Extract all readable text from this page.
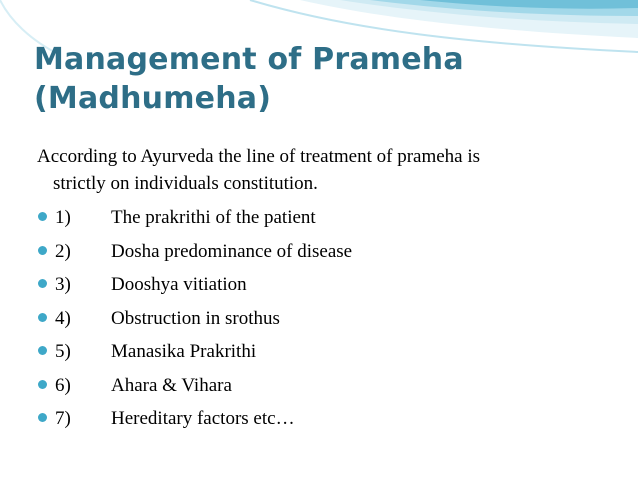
Management of Prameha
(Madhumeha)

According to Ayurveda the line of treatment of prameha is
strictly on individuals constitution.

1) The prakrithi of the patient
2) Dosha predominance of disease
3) Dooshya vitiation
4) Obstruction in srothus
5) Manasika Prakrithi
6) Ahara & Vihara
7) Hereditary factors etc…
